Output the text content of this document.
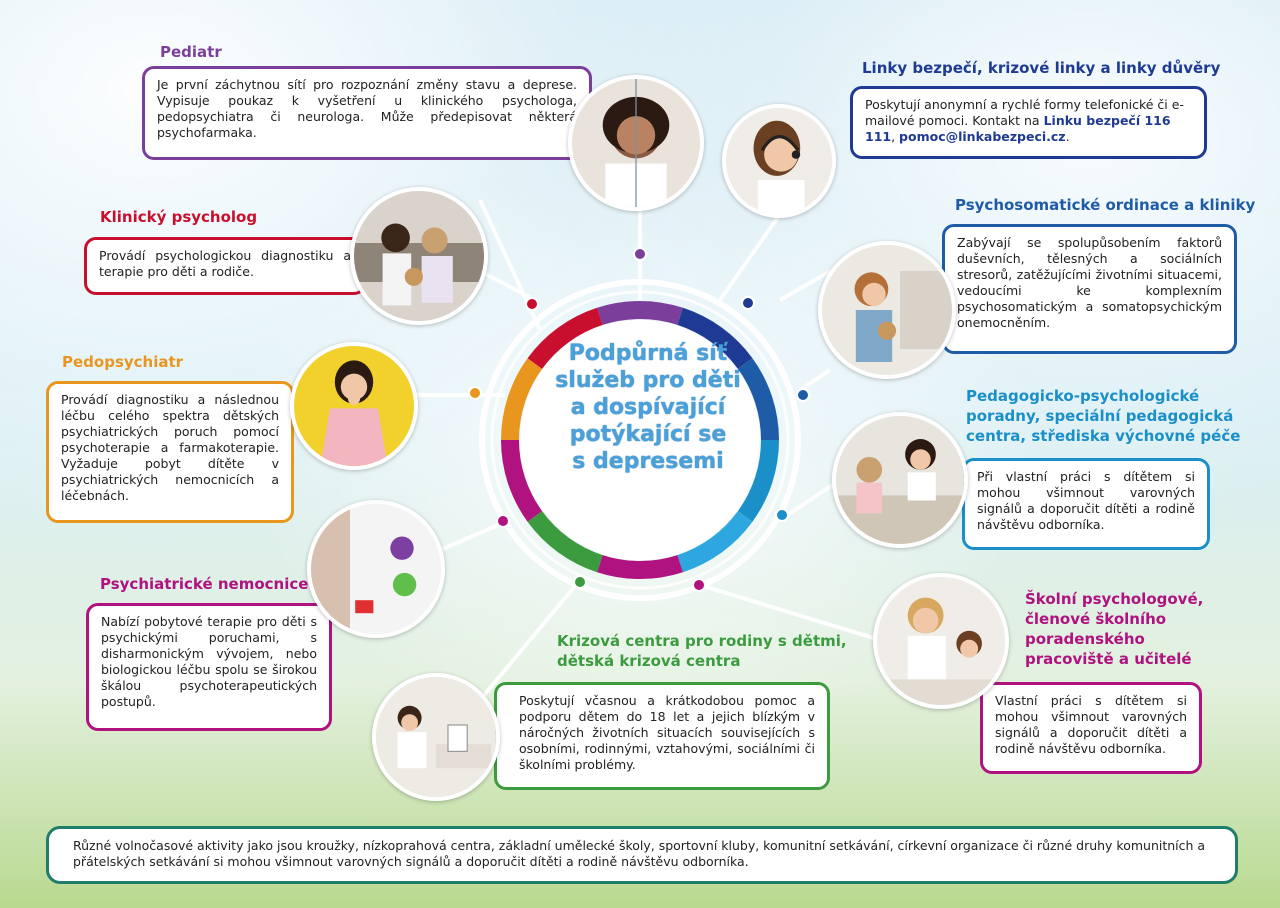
Podpůrná síť
služeb pro děti
a dospívající
potýkající se
s depresemi
Pediatr
Je první záchytnou sítí pro rozpoznání změny stavu a deprese. Vypisuje poukaz k vyšetření u klinického psychologa, pedopsychiatra či neurologa. Může předepisovat některá psychofarmaka.
Linky bezpečí, krizové linky a linky důvěry
Poskytují anonymní a rychlé formy telefonické či e-mailové pomoci. Kontakt na Linku bezpečí 116 111, pomoc@linkabezpeci.cz.
Klinický psycholog
Provádí psychologickou diagnostiku a terapie pro děti a rodiče.
Psychosomatické ordinace a kliniky
Zabývají se spolupůsobením faktorů duševních, tělesných a sociálních stresorů, zatěžujícími životními situacemi, vedoucími ke komplexním psychosomatickým a somatopsychickým onemocněním.
Pedopsychiatr
Provádí diagnostiku a následnou léčbu celého spektra dětských psychiatrických poruch pomocí psychoterapie a farmakoterapie. Vyžaduje pobyt dítěte v psychiatrických nemocnicích a léčebnách.
Pedagogicko-psychologické
poradny, speciální pedagogická
centra, střediska výchovné péče
Při vlastní práci s dítětem si mohou všimnout varovných signálů a doporučit dítěti a rodině návštěvu odborníka.
Psychiatrické nemocnice
Nabízí pobytové terapie pro děti s psychickými poruchami, s disharmonickým vývojem, nebo biologickou léčbu spolu se širokou škálou psychoterapeutických postupů.
Školní psychologové,
členové školního
poradenského
pracoviště a učitelé
Vlastní práci s dítětem si mohou všimnout varovných signálů a doporučit dítěti a rodině návštěvu odborníka.
Krizová centra pro rodiny s dětmi,
dětská krizová centra
Poskytují včasnou a krátkodobou pomoc a podporu dětem do 18 let a jejich blízkým v náročných životních situacích souvisejících s osobními, rodinnými, vztahovými, sociálními či školními problémy.
Různé volnočasové aktivity jako jsou kroužky, nízkoprahová centra, základní umělecké školy, sportovní kluby, komunitní setkávání, církevní organizace či různé druhy komunitních a přátelských setkávání si mohou všimnout varovných signálů a doporučit dítěti a rodině návštěvu odborníka.
